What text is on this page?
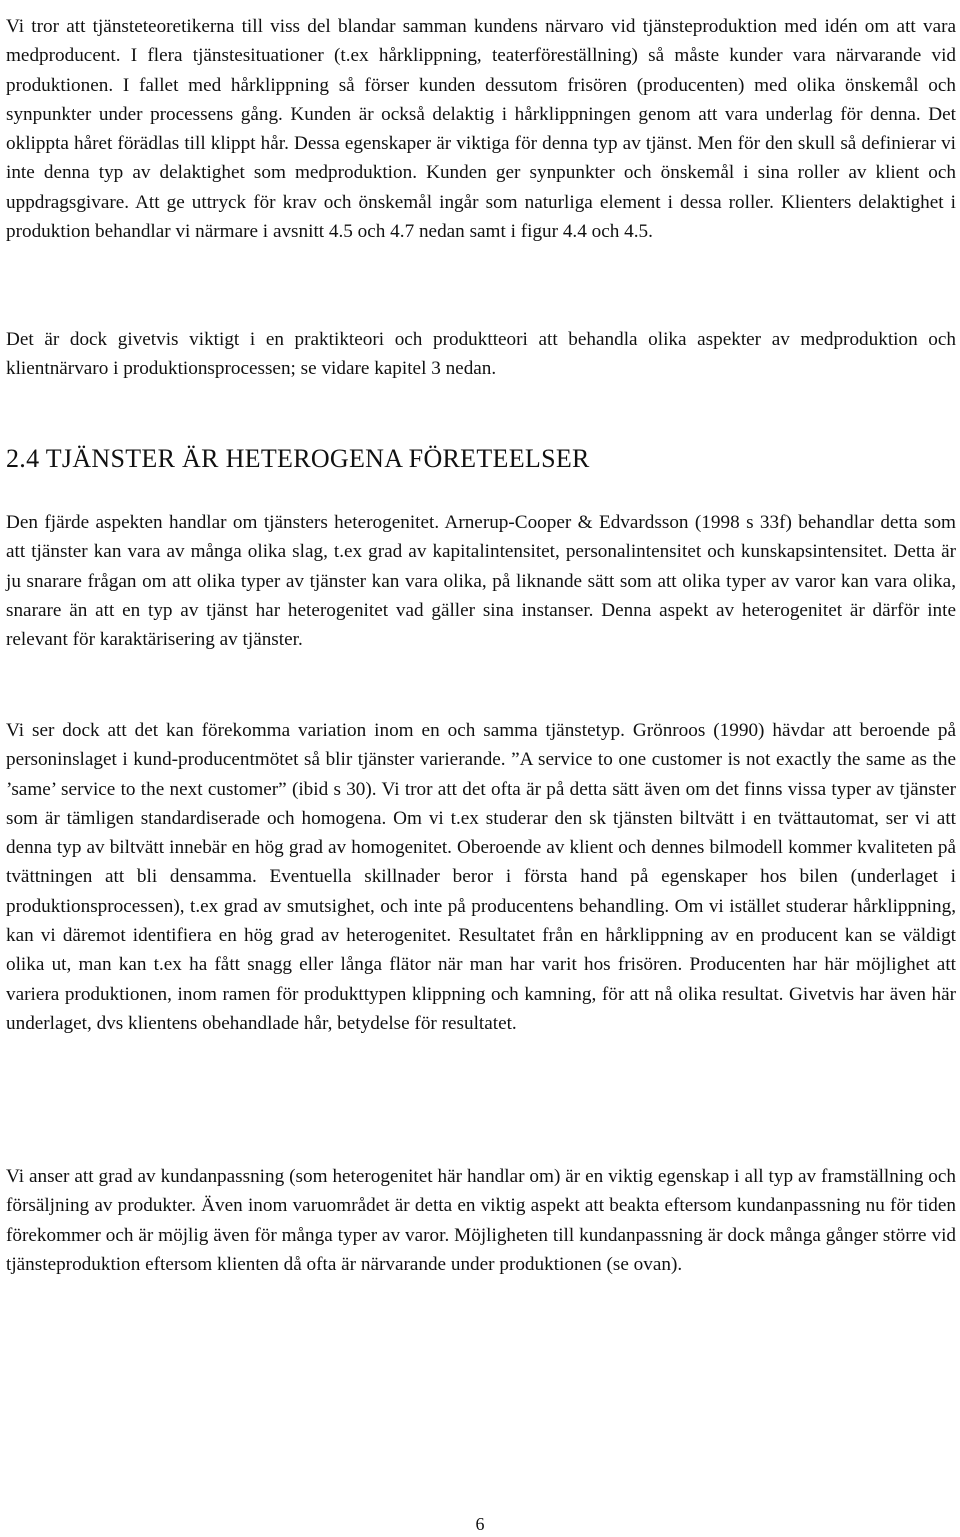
Vi tror att tjänsteteoretikerna till viss del blandar samman kundens närvaro vid tjänsteproduktion med idén om att vara medproducent. I flera tjänstesituationer (t.ex hårklippning, teaterföreställning) så måste kunder vara närvarande vid produktionen. I fallet med hårklippning så förser kunden dessutom frisören (producenten) med olika önskemål och synpunkter under processens gång. Kunden är också delaktig i hårklippningen genom att vara underlag för denna. Det oklippta håret förädlas till klippt hår. Dessa egenskaper är viktiga för denna typ av tjänst. Men för den skull så definierar vi inte denna typ av delaktighet som medproduktion. Kunden ger synpunkter och önskemål i sina roller av klient och uppdragsgivare. Att ge uttryck för krav och önskemål ingår som naturliga element i dessa roller. Klienters delaktighet i produktion behandlar vi närmare i avsnitt 4.5 och 4.7 nedan samt i figur 4.4 och 4.5.

Det är dock givetvis viktigt i en praktikteori och produktteori att behandla olika aspekter av medproduktion och klientnärvaro i produktionsprocessen; se vidare kapitel 3 nedan.

2.4 TJÄNSTER ÄR HETEROGENA FÖRETEELSER

Den fjärde aspekten handlar om tjänsters heterogenitet. Arnerup-Cooper & Edvardsson (1998 s 33f) behandlar detta som att tjänster kan vara av många olika slag, t.ex grad av kapitalintensitet, personalintensitet och kunskapsintensitet. Detta är ju snarare frågan om att olika typer av tjänster kan vara olika, på liknande sätt som att olika typer av varor kan vara olika, snarare än att en typ av tjänst har heterogenitet vad gäller sina instanser. Denna aspekt av heterogenitet är därför inte relevant för karaktärisering av tjänster.

Vi ser dock att det kan förekomma variation inom en och samma tjänstetyp. Grönroos (1990) hävdar att beroende på personinslaget i kund-producentmötet så blir tjänster varierande. ”A service to one customer is not exactly the same as the ’same’ service to the next customer” (ibid s 30). Vi tror att det ofta är på detta sätt även om det finns vissa typer av tjänster som är tämligen standardiserade och homogena. Om vi t.ex studerar den sk tjänsten biltvätt i en tvättautomat, ser vi att denna typ av biltvätt innebär en hög grad av homogenitet. Oberoende av klient och dennes bilmodell kommer kvaliteten på tvättningen att bli densamma. Eventuella skillnader beror i första hand på egenskaper hos bilen (underlaget i produktionsprocessen), t.ex grad av smutsighet, och inte på producentens behandling. Om vi istället studerar hårklippning, kan vi däremot identifiera en hög grad av heterogenitet. Resultatet från en hårklippning av en producent kan se väldigt olika ut, man kan t.ex ha fått snagg eller långa flätor när man har varit hos frisören. Producenten har här möjlighet att variera produktionen, inom ramen för produkttypen klippning och kamning, för att nå olika resultat. Givetvis har även här underlaget, dvs klientens obehandlade hår, betydelse för resultatet.

Vi anser att grad av kundanpassning (som heterogenitet här handlar om) är en viktig egenskap i all typ av framställning och försäljning av produkter. Även inom varuområdet är detta en viktig aspekt att beakta eftersom kundanpassning nu för tiden förekommer och är möjlig även för många typer av varor. Möjligheten till kundanpassning är dock många gånger större vid tjänsteproduktion eftersom klienten då ofta är närvarande under produktionen (se ovan).

6
